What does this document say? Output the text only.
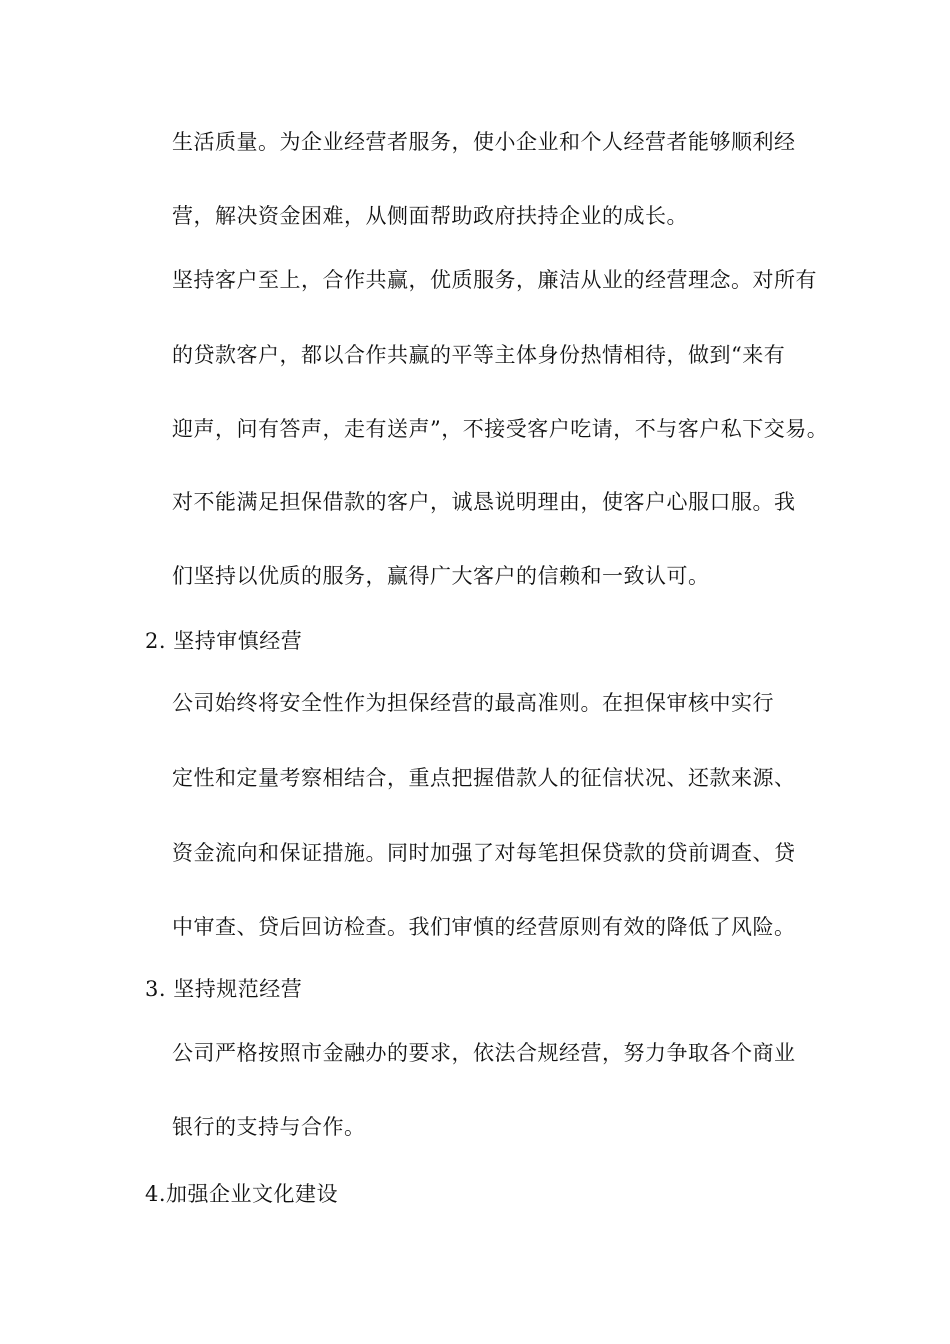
生活质量。为企业经营者服务，使小企业和个人经营者能够顺利经
营，解决资金困难，从侧面帮助政府扶持企业的成长。
坚持客户至上，合作共赢，优质服务，廉洁从业的经营理念。对所有
的贷款客户，都以合作共赢的平等主体身份热情相待，做到“来有
迎声，问有答声，走有送声”，不接受客户吃请，不与客户私下交易。
对不能满足担保借款的客户，诚恳说明理由，使客户心服口服。我
们坚持以优质的服务，赢得广大客户的信赖和一致认可。
2. 坚持审慎经营
公司始终将安全性作为担保经营的最高准则。在担保审核中实行
定性和定量考察相结合，重点把握借款人的征信状况、还款来源、
资金流向和保证措施。同时加强了对每笔担保贷款的贷前调查、贷
中审查、贷后回访检查。我们审慎的经营原则有效的降低了风险。
3. 坚持规范经营
公司严格按照市金融办的要求，依法合规经营，努力争取各个商业
银行的支持与合作。
4.加强企业文化建设
